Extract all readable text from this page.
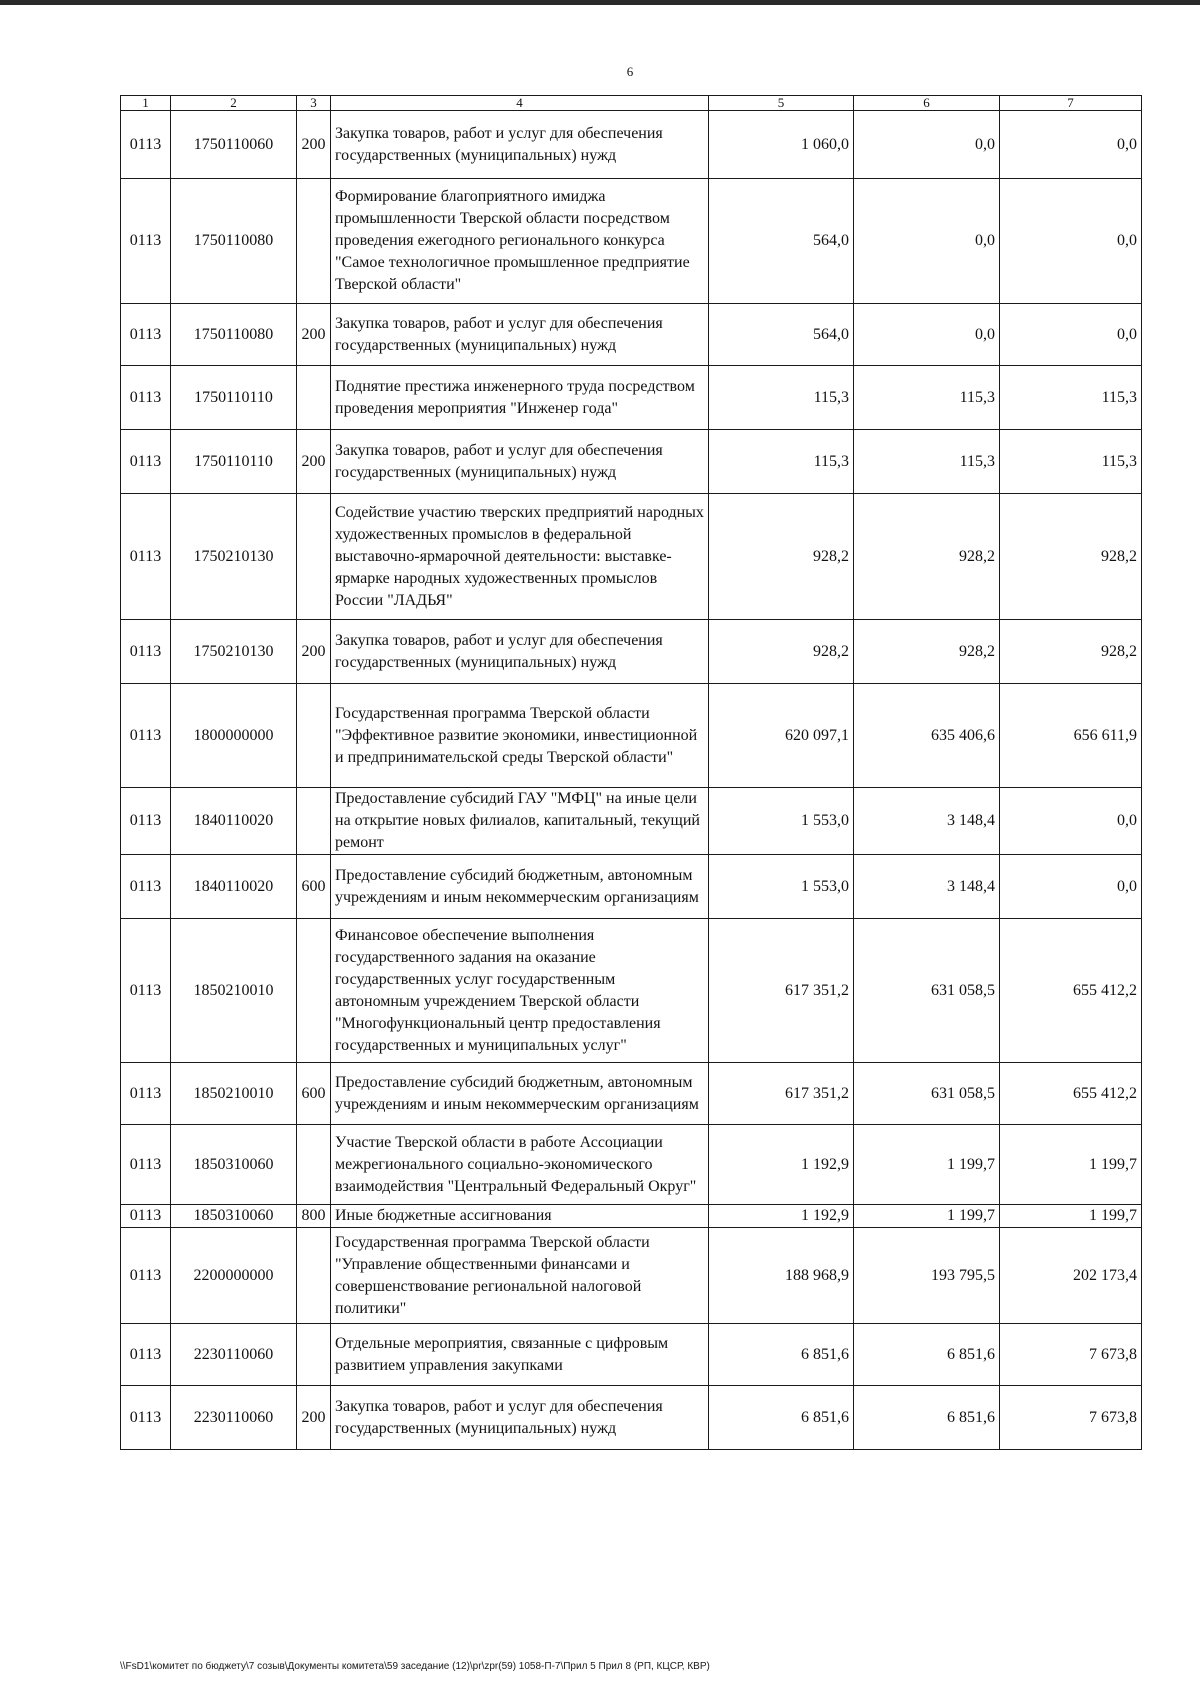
6
1	2	3	4	5	6	7
0113	1750110060	200	Закупка товаров, работ и услуг для обеспечения государственных (муниципальных) нужд	1 060,0	0,0	0,0
0113	1750110080		Формирование благоприятного имиджа промышленности Тверской области посредством проведения ежегодного регионального конкурса "Самое технологичное промышленное предприятие Тверской области"	564,0	0,0	0,0
0113	1750110080	200	Закупка товаров, работ и услуг для обеспечения государственных (муниципальных) нужд	564,0	0,0	0,0
0113	1750110110		Поднятие престижа инженерного труда посредством проведения мероприятия "Инженер года"	115,3	115,3	115,3
0113	1750110110	200	Закупка товаров, работ и услуг для обеспечения государственных (муниципальных) нужд	115,3	115,3	115,3
0113	1750210130		Содействие участию тверских предприятий народных художественных промыслов в федеральной выставочно-ярмарочной деятельности: выставке-ярмарке народных художественных промыслов России "ЛАДЬЯ"	928,2	928,2	928,2
0113	1750210130	200	Закупка товаров, работ и услуг для обеспечения государственных (муниципальных) нужд	928,2	928,2	928,2
0113	1800000000		Государственная программа Тверской области "Эффективное развитие экономики, инвестиционной и предпринимательской среды Тверской области"	620 097,1	635 406,6	656 611,9
0113	1840110020		Предоставление субсидий ГАУ "МФЦ" на иные цели на открытие новых филиалов, капитальный, текущий ремонт	1 553,0	3 148,4	0,0
0113	1840110020	600	Предоставление субсидий бюджетным, автономным учреждениям и иным некоммерческим организациям	1 553,0	3 148,4	0,0
0113	1850210010		Финансовое обеспечение выполнения государственного задания на оказание государственных услуг государственным автономным учреждением Тверской области "Многофункциональный центр предоставления государственных и муниципальных услуг"	617 351,2	631 058,5	655 412,2
0113	1850210010	600	Предоставление субсидий бюджетным, автономным учреждениям и иным некоммерческим организациям	617 351,2	631 058,5	655 412,2
0113	1850310060		Участие Тверской области в работе Ассоциации межрегионального социально-экономического взаимодействия "Центральный Федеральный Округ"	1 192,9	1 199,7	1 199,7
0113	1850310060	800	Иные бюджетные ассигнования	1 192,9	1 199,7	1 199,7
0113	2200000000		Государственная программа Тверской области "Управление общественными финансами и совершенствование региональной налоговой политики"	188 968,9	193 795,5	202 173,4
0113	2230110060		Отдельные мероприятия, связанные с цифровым развитием управления закупками	6 851,6	6 851,6	7 673,8
0113	2230110060	200	Закупка товаров, работ и услуг для обеспечения государственных (муниципальных) нужд	6 851,6	6 851,6	7 673,8
\\FsD1\комитет по бюджету\7 созыв\Документы комитета\59 заседание (12)\pr\zpr(59) 1058-П-7\Прил 5 Прил 8 (РП, КЦСР, КВР)
